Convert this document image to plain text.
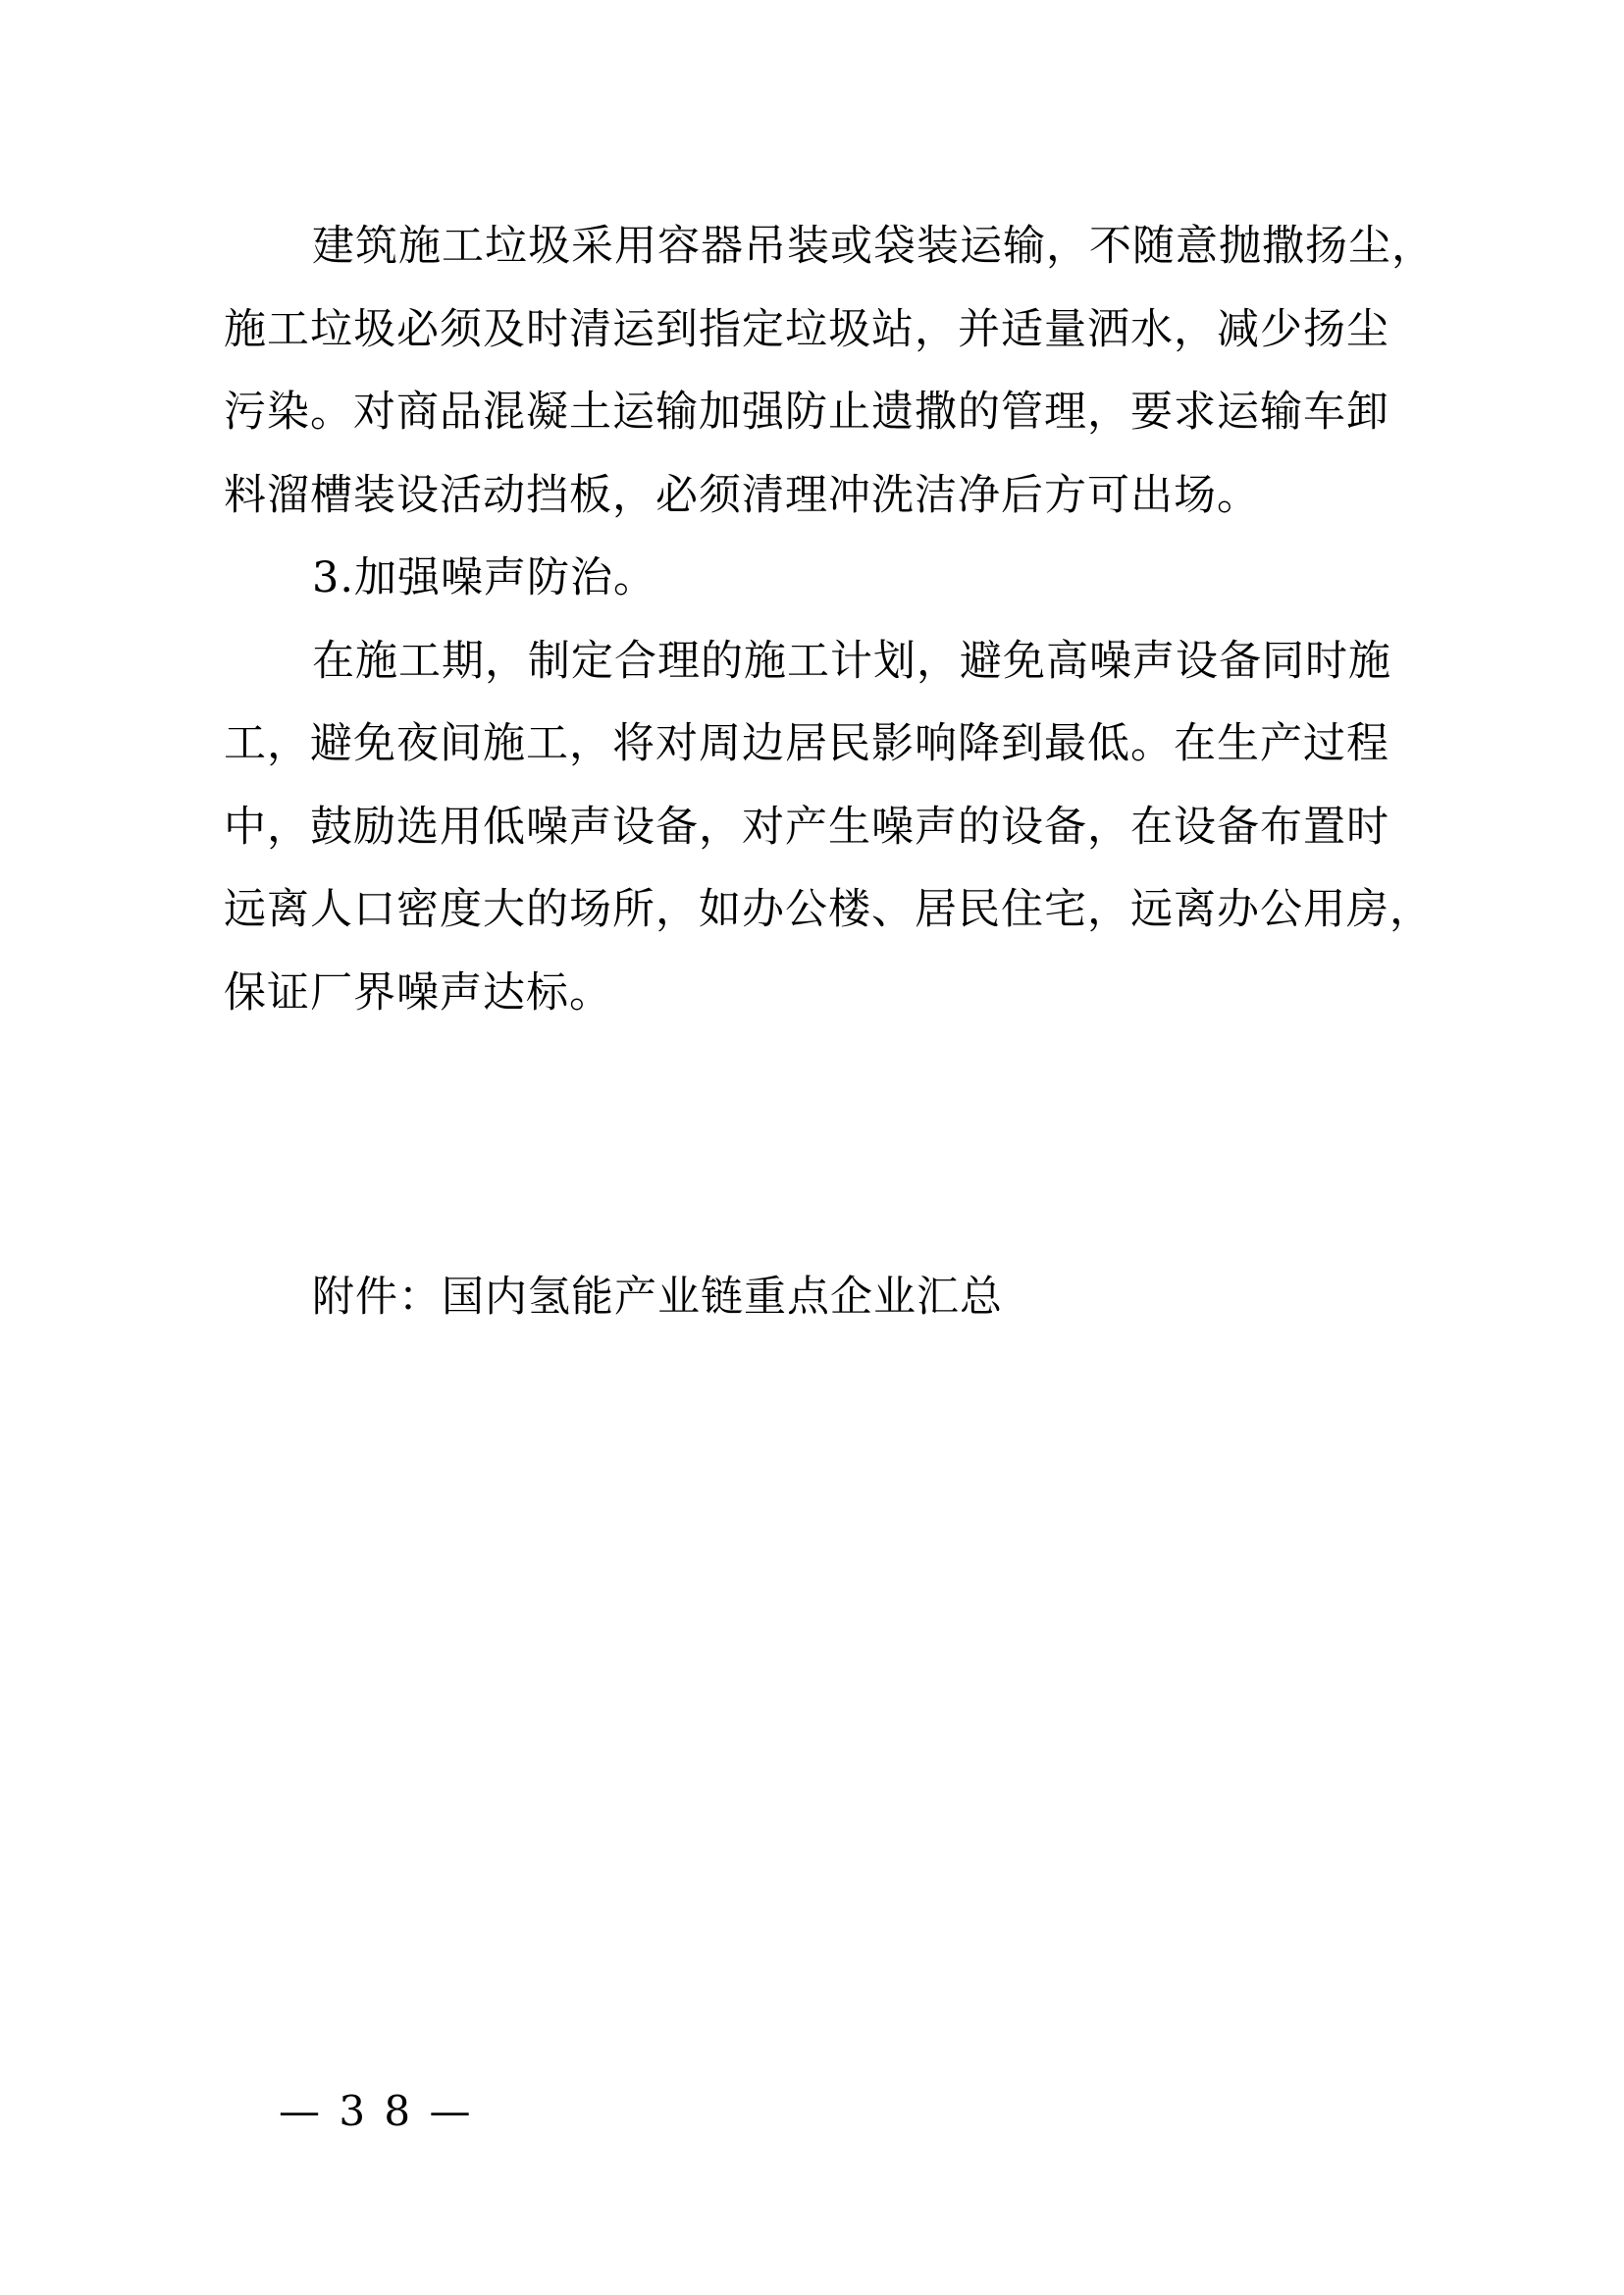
建筑施工垃圾采用容器吊装或袋装运输，不随意抛撒扬尘，
施工垃圾必须及时清运到指定垃圾站，并适量洒水，减少扬尘
污染。对商品混凝土运输加强防止遗撒的管理，要求运输车卸
料溜槽装设活动挡板，必须清理冲洗洁净后方可出场。
3.加强噪声防治。
在施工期，制定合理的施工计划，避免高噪声设备同时施
工，避免夜间施工，将对周边居民影响降到最低。在生产过程
中，鼓励选用低噪声设备，对产生噪声的设备，在设备布置时
远离人口密度大的场所，如办公楼、居民住宅，远离办公用房，
保证厂界噪声达标。
附件：国内氢能产业链重点企业汇总
— 3 8 —
